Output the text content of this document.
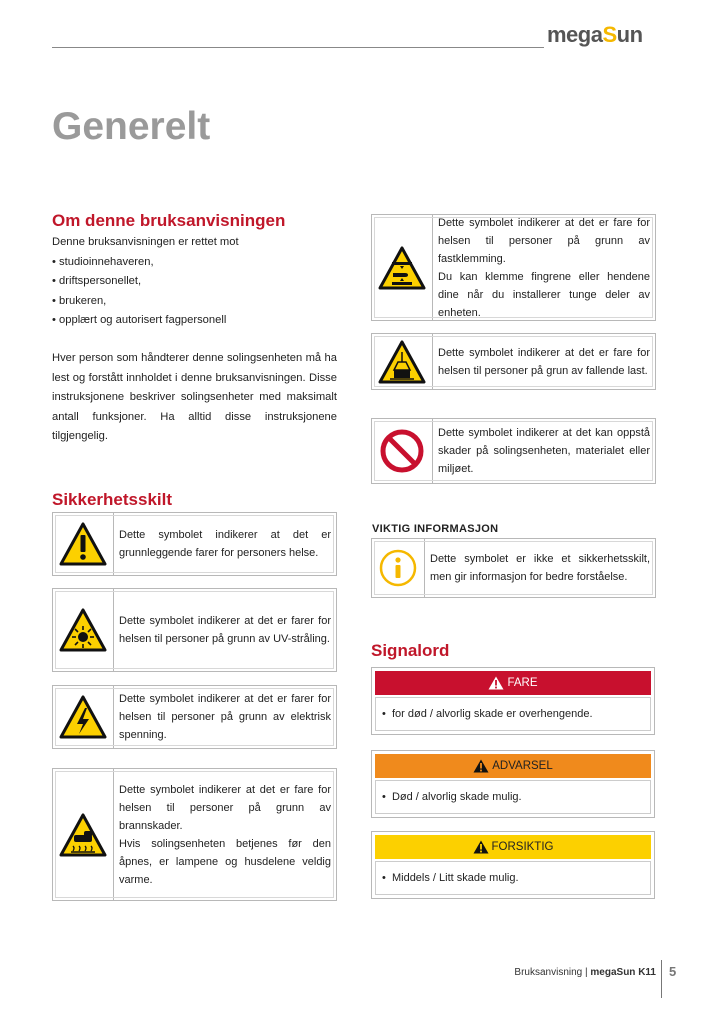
megaSun
Generelt
Om denne bruksanvisningen
Denne bruksanvisningen er rettet mot
• studioinnehaveren,
• driftspersonellet,
• brukeren,
• opplært og autorisert fagpersonell
Hver person som håndterer denne solingsenheten må ha lest og forstått innholdet i denne bruksanvisningen. Disse instruksjonene beskriver solingsenheter med maksimalt antall funksjoner. Ha alltid disse instruksjonene tilgjengelig.
Sikkerhetsskilt
Dette symbolet indikerer at det er grunnleggende farer for personers helse.
Dette symbolet indikerer at det er farer for helsen til personer på grunn av UV-stråling.
Dette symbolet indikerer at det er farer for helsen til personer på grunn av elektrisk spenning.
Dette symbolet indikerer at det er fare for helsen til personer på grunn av brannskader.
Hvis solingsenheten betjenes før den åpnes, er lampene og husdelene veldig varme.
Dette symbolet indikerer at det er fare for helsen til personer på grunn av fastklemming.
Du kan klemme fingrene eller hendene dine når du installerer tunge deler av enheten.
Dette symbolet indikerer at det er fare for helsen til personer på grun av fallende last.
Dette symbolet indikerer at det kan oppstå skader på solingsenheten, materialet eller miljøet.
VIKTIG INFORMASJON
Dette symbolet er ikke et sikkerhetsskilt, men gir informasjon for bedre forståelse.
Signalord
FARE
•  for død / alvorlig skade er overhengende.
ADVARSEL
•  Død / alvorlig skade mulig.
FORSIKTIG
•  Middels / Litt skade mulig.
Bruksanvisning | megaSun K11 5
